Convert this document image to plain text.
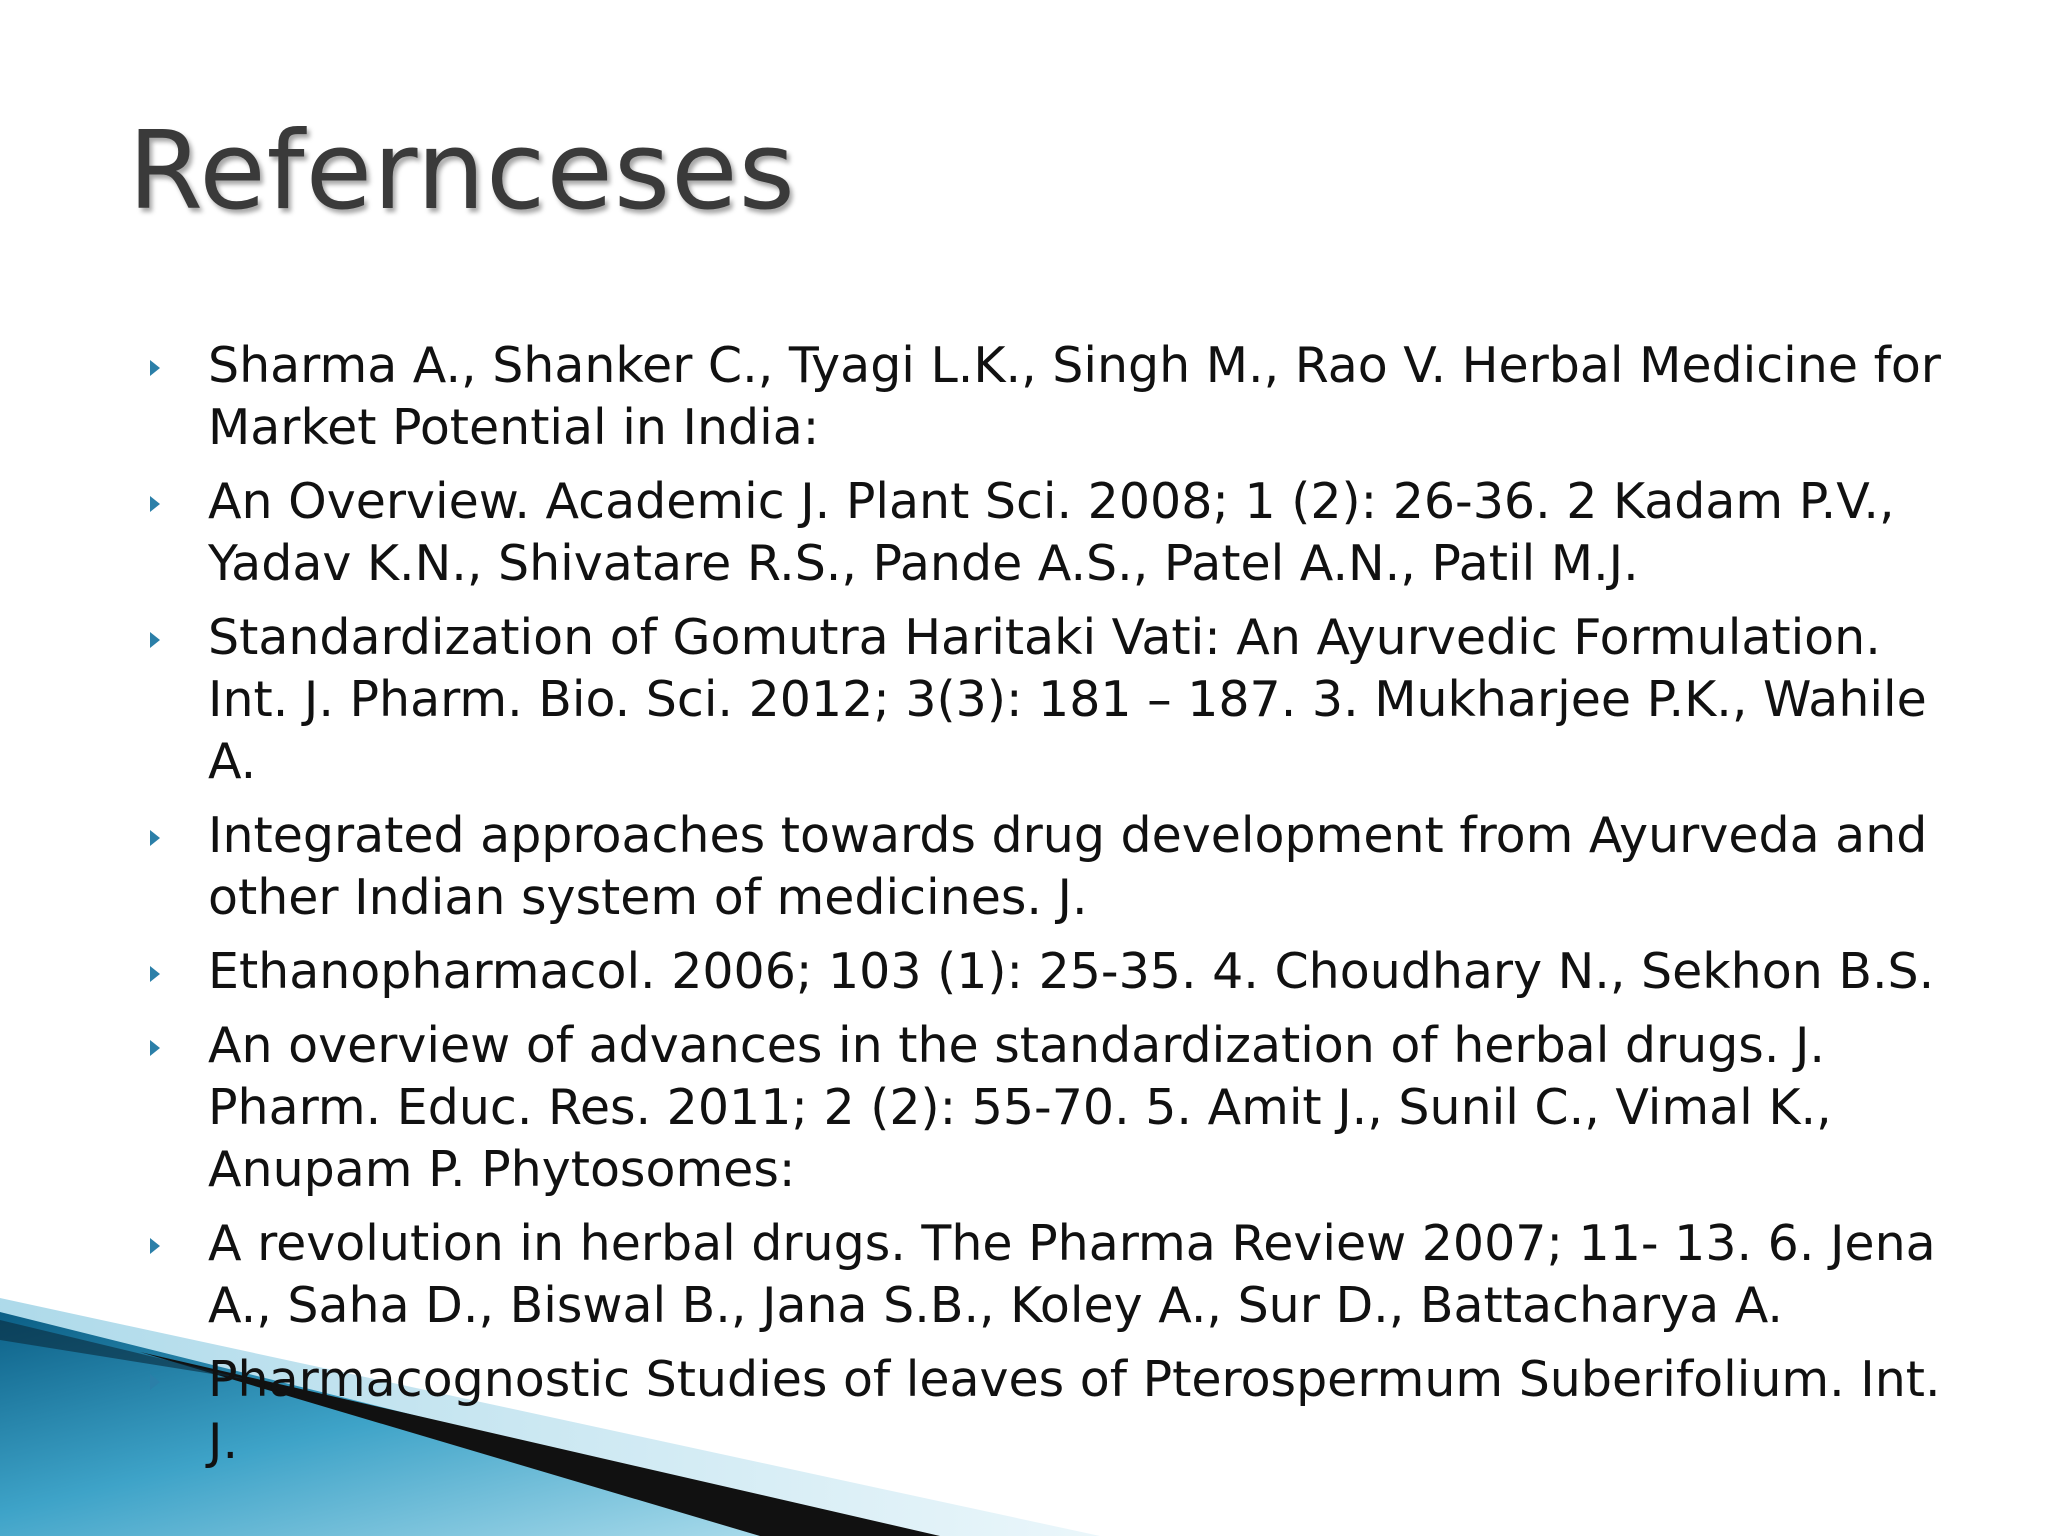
Refernceses
Sharma A., Shanker C., Tyagi L.K., Singh M., Rao V. Herbal Medicine for Market Potential in India:
An Overview. Academic J. Plant Sci. 2008; 1 (2): 26-36. 2 Kadam P.V., Yadav K.N., Shivatare R.S., Pande A.S., Patel A.N., Patil M.J.
Standardization of Gomutra Haritaki Vati: An Ayurvedic Formulation. Int. J. Pharm. Bio. Sci. 2012; 3(3): 181 – 187. 3. Mukharjee P.K., Wahile A.
Integrated approaches towards drug development from Ayurveda and other Indian system of medicines. J.
Ethanopharmacol. 2006; 103 (1): 25-35. 4. Choudhary N., Sekhon B.S.
An overview of advances in the standardization of herbal drugs. J. Pharm. Educ. Res. 2011; 2 (2): 55-70. 5. Amit J., Sunil C., Vimal K., Anupam P. Phytosomes:
A revolution in herbal drugs. The Pharma Review 2007; 11- 13. 6. Jena A., Saha D., Biswal B., Jana S.B., Koley A., Sur D., Battacharya A.
Pharmacognostic Studies of leaves of Pterospermum Suberifolium. Int. J.
